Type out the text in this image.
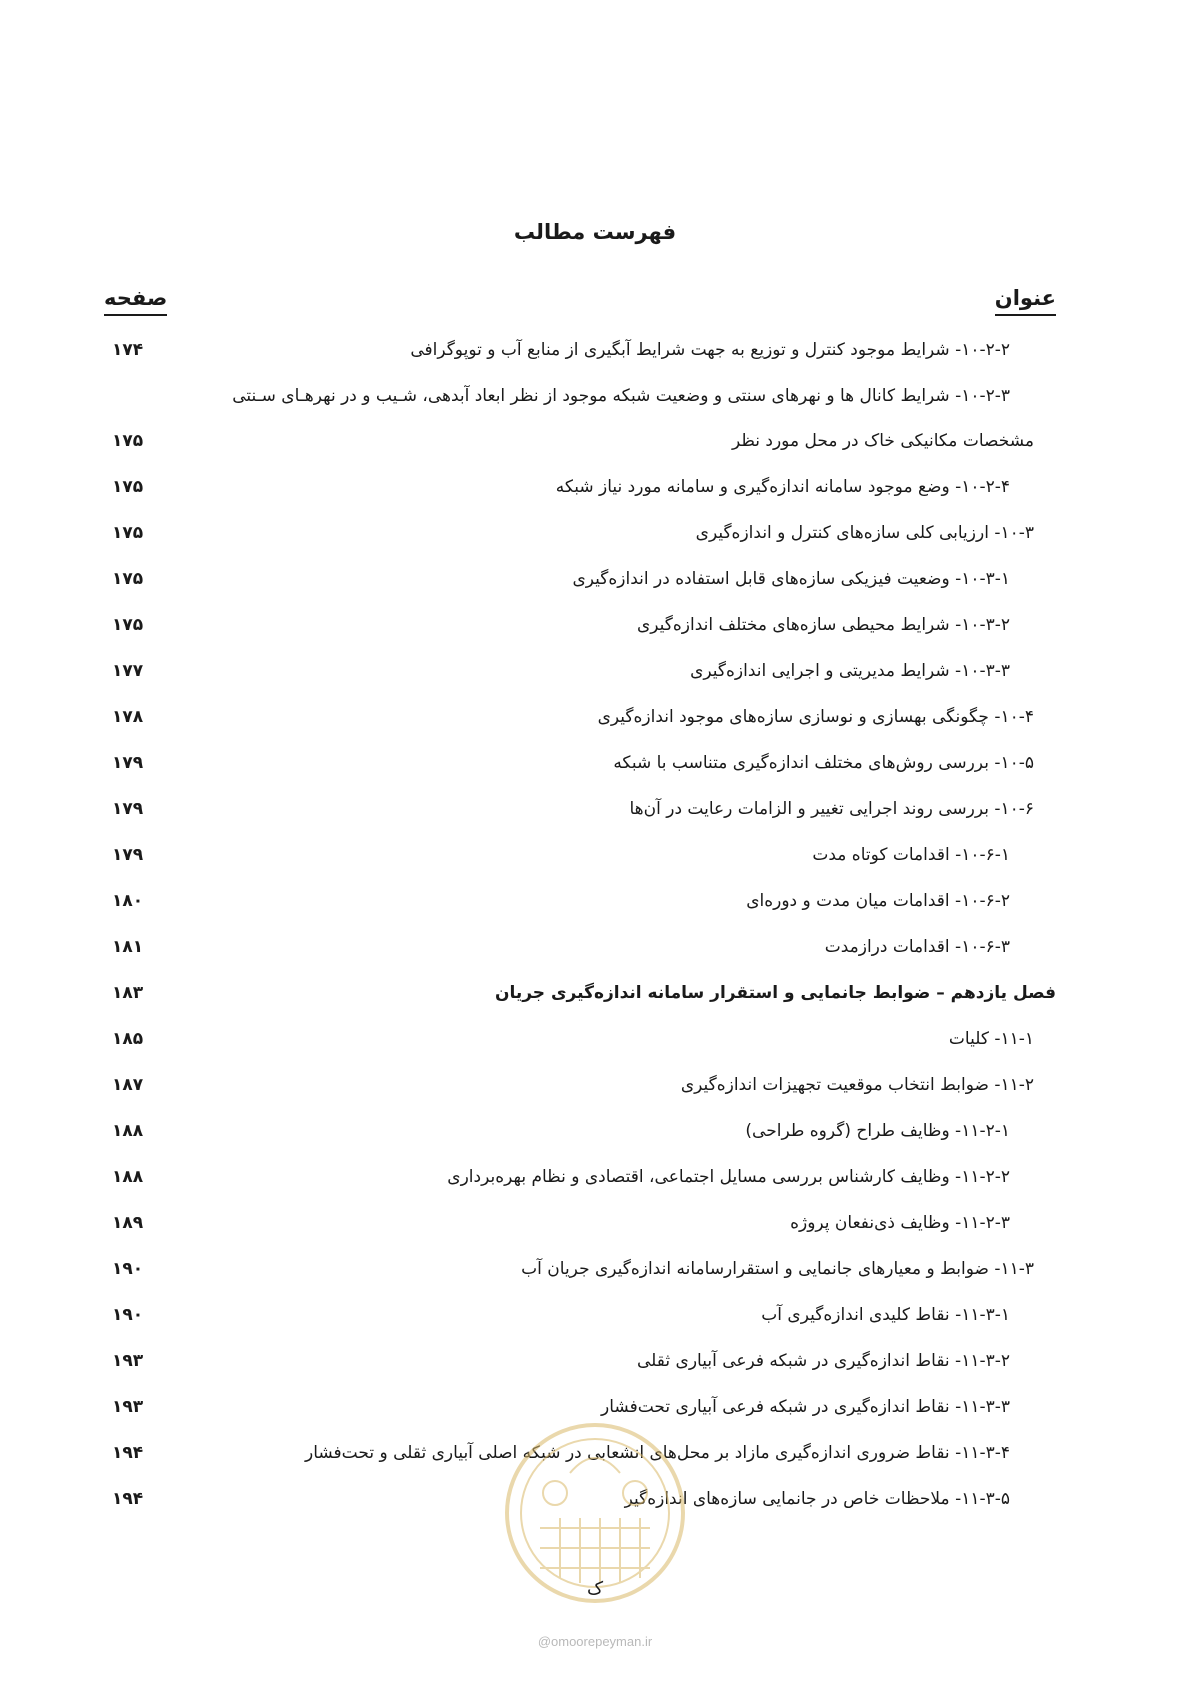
فهرست مطالب
عنوان
صفحه
۱۰-۲-۲- شرایط موجود کنترل و توزیع به جهت شرایط آبگیری از منابع آب و توپوگرافی
۱۷۴
۱۰-۲-۳- شرایط کانال ها و نهرهای سنتی و وضعیت شبکه موجود از نظر ابعاد آبدهی، شـیب و در نهرهـای سـنتی
مشخصات مکانیکی خاک در محل مورد نظر
۱۷۵
۱۰-۲-۴- وضع موجود سامانه اندازه‌گیری و سامانه مورد نیاز شبکه
۱۷۵
۱۰-۳- ارزیابی کلی سازه‌های کنترل و اندازه‌گیری
۱۷۵
۱۰-۳-۱- وضعیت فیزیکی سازه‌های قابل استفاده در اندازه‌گیری
۱۷۵
۱۰-۳-۲- شرایط محیطی سازه‌های مختلف اندازه‌گیری
۱۷۵
۱۰-۳-۳- شرایط مدیریتی و اجرایی اندازه‌گیری
۱۷۷
۱۰-۴- چگونگی بهسازی و نوسازی سازه‌های موجود اندازه‌گیری
۱۷۸
۱۰-۵- بررسی روش‌های مختلف اندازه‌گیری متناسب با شبکه
۱۷۹
۱۰-۶- بررسی روند اجرایی تغییر و الزامات رعایت در آن‌ها
۱۷۹
۱۰-۶-۱- اقدامات کوتاه مدت
۱۷۹
۱۰-۶-۲- اقدامات میان مدت و دوره‌ای
۱۸۰
۱۰-۶-۳- اقدامات درازمدت
۱۸۱
فصل یازدهم – ضوابط جانمایی و استقرار سامانه اندازه‌گیری جریان
۱۸۳
۱۱-۱- کلیات
۱۸۵
۱۱-۲- ضوابط انتخاب موقعیت تجهیزات اندازه‌گیری
۱۸۷
۱۱-۲-۱- وظایف طراح (گروه طراحی)
۱۸۸
۱۱-۲-۲- وظایف کارشناس بررسی مسایل اجتماعی، اقتصادی و نظام بهره‌برداری
۱۸۸
۱۱-۲-۳- وظایف ذی‌نفعان پروژه
۱۸۹
۱۱-۳- ضوابط و معیارهای جانمایی و استقرارسامانه اندازه‌گیری جریان آب
۱۹۰
۱۱-۳-۱- نقاط کلیدی اندازه‌گیری آب
۱۹۰
۱۱-۳-۲- نقاط اندازه‌گیری در شبکه فرعی آبیاری ثقلی
۱۹۳
۱۱-۳-۳- نقاط اندازه‌گیری در شبکه فرعی آبیاری تحت‌فشار
۱۹۳
۱۱-۳-۴- نقاط ضروری اندازه‌گیری مازاد بر محل‌های انشعابی در شبکه اصلی آبیاری ثقلی و تحت‌فشار
۱۹۴
۱۱-۳-۵- ملاحظات خاص در جانمایی سازه‌های اندازه‌گیر
۱۹۴
ک
@omoorepeyman.ir
